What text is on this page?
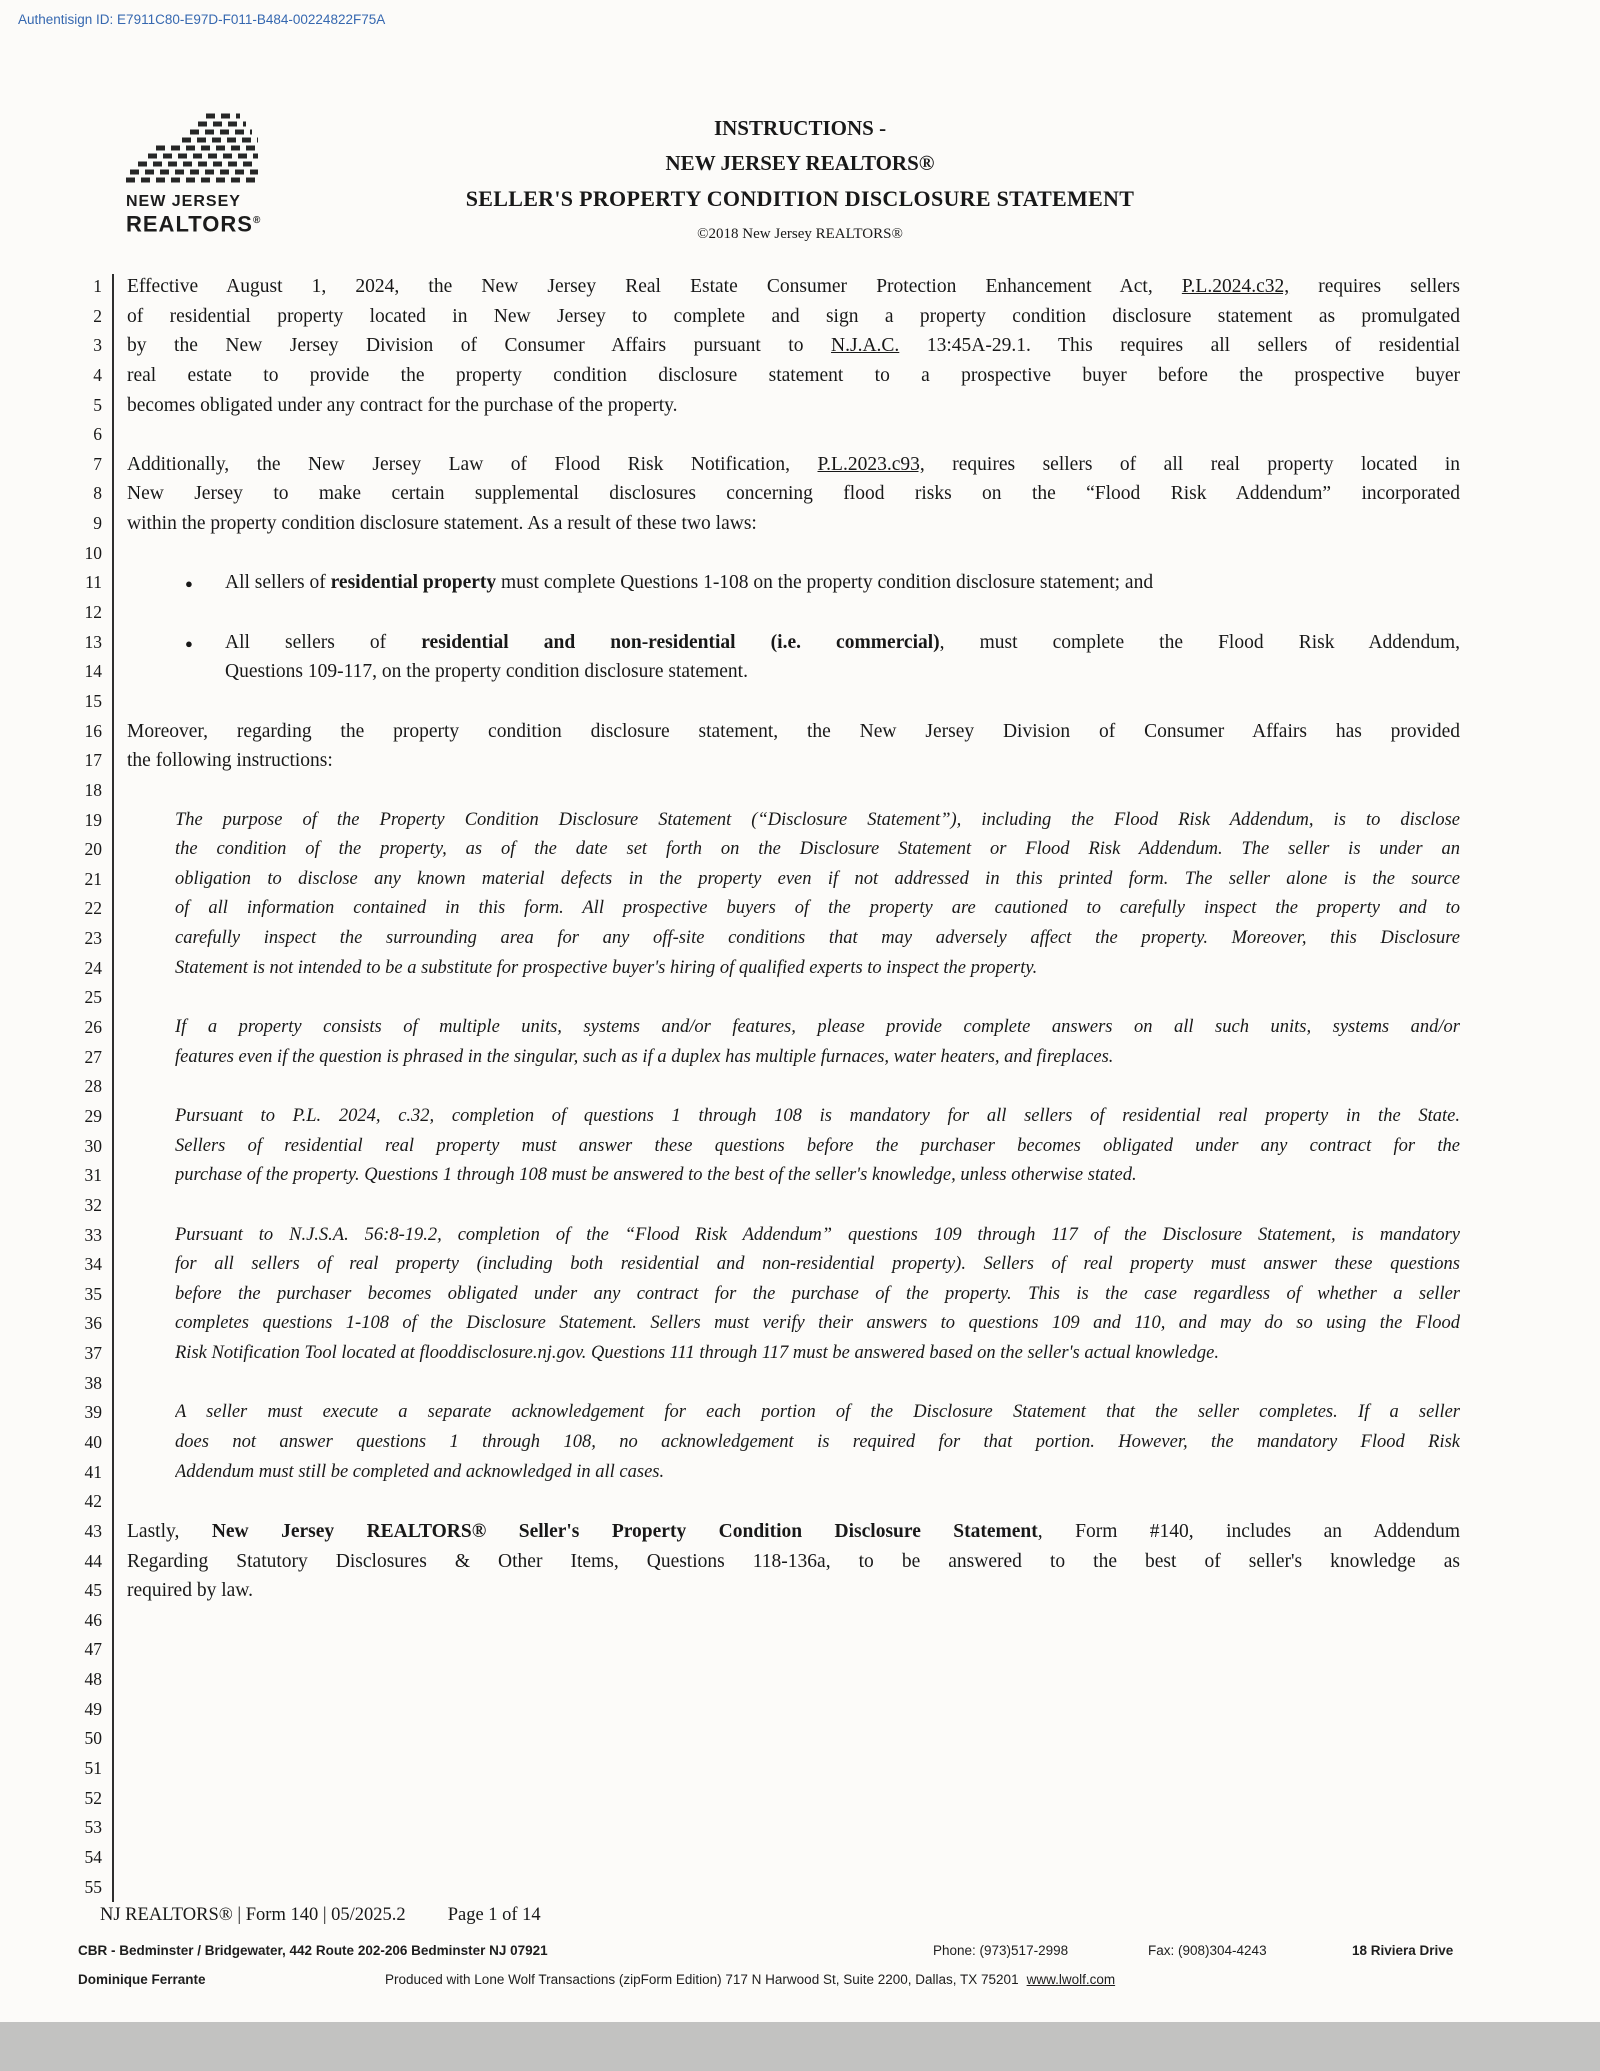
Authentisign ID: E7911C80-E97D-F011-B484-00224822F75A
NEW JERSEY
REALTORS®
INSTRUCTIONS -
NEW JERSEY REALTORS®
SELLER'S PROPERTY CONDITION DISCLOSURE STATEMENT
©2018 New Jersey REALTORS®
1
2
3
4
5
6
7
8
9
10
11
12
13
14
15
16
17
18
19
20
21
22
23
24
25
26
27
28
29
30
31
32
33
34
35
36
37
38
39
40
41
42
43
44
45
46
47
48
49
50
51
52
53
54
55
Effective August 1, 2024, the New Jersey Real Estate Consumer Protection Enhancement Act, P.L.2024.c32, requires sellers
of residential property located in New Jersey to complete and sign a property condition disclosure statement as promulgated
by the New Jersey Division of Consumer Affairs pursuant to N.J.A.C. 13:45A-29.1. This requires all sellers of residential
real estate to provide the property condition disclosure statement to a prospective buyer before the prospective buyer
becomes obligated under any contract for the purchase of the property.
Additionally, the New Jersey Law of Flood Risk Notification, P.L.2023.c93, requires sellers of all real property located in
New Jersey to make certain supplemental disclosures concerning flood risks on the “Flood Risk Addendum” incorporated
within the property condition disclosure statement. As a result of these two laws:
● All sellers of residential property must complete Questions 1-108 on the property condition disclosure statement; and
● All sellers of residential and non-residential (i.e. commercial), must complete the Flood Risk Addendum,
Questions 109-117, on the property condition disclosure statement.
Moreover, regarding the property condition disclosure statement, the New Jersey Division of Consumer Affairs has provided
the following instructions:
The purpose of the Property Condition Disclosure Statement (“Disclosure Statement”), including the Flood Risk Addendum, is to disclose
the condition of the property, as of the date set forth on the Disclosure Statement or Flood Risk Addendum. The seller is under an
obligation to disclose any known material defects in the property even if not addressed in this printed form. The seller alone is the source
of all information contained in this form. All prospective buyers of the property are cautioned to carefully inspect the property and to
carefully inspect the surrounding area for any off-site conditions that may adversely affect the property. Moreover, this Disclosure
Statement is not intended to be a substitute for prospective buyer's hiring of qualified experts to inspect the property.
If a property consists of multiple units, systems and/or features, please provide complete answers on all such units, systems and/or
features even if the question is phrased in the singular, such as if a duplex has multiple furnaces, water heaters, and fireplaces.
Pursuant to P.L. 2024, c.32, completion of questions 1 through 108 is mandatory for all sellers of residential real property in the State.
Sellers of residential real property must answer these questions before the purchaser becomes obligated under any contract for the
purchase of the property. Questions 1 through 108 must be answered to the best of the seller's knowledge, unless otherwise stated.
Pursuant to N.J.S.A. 56:8-19.2, completion of the “Flood Risk Addendum” questions 109 through 117 of the Disclosure Statement, is mandatory
for all sellers of real property (including both residential and non-residential property). Sellers of real property must answer these questions
before the purchaser becomes obligated under any contract for the purchase of the property. This is the case regardless of whether a seller
completes questions 1-108 of the Disclosure Statement. Sellers must verify their answers to questions 109 and 110, and may do so using the Flood
Risk Notification Tool located at flooddisclosure.nj.gov. Questions 111 through 117 must be answered based on the seller's actual knowledge.
A seller must execute a separate acknowledgement for each portion of the Disclosure Statement that the seller completes. If a seller
does not answer questions 1 through 108, no acknowledgement is required for that portion. However, the mandatory Flood Risk
Addendum must still be completed and acknowledged in all cases.
Lastly, New Jersey REALTORS® Seller's Property Condition Disclosure Statement, Form #140, includes an Addendum
Regarding Statutory Disclosures & Other Items, Questions 118-136a, to be answered to the best of seller's knowledge as
required by law.
NJ REALTORS® | Form 140 | 05/2025.2 Page 1 of 14
CBR - Bedminster / Bridgewater, 442 Route 202-206 Bedminster NJ 07921	Phone: (973)517-2998	Fax: (908)304-4243	18 Riviera Drive
Dominique Ferrante	Produced with Lone Wolf Transactions (zipForm Edition) 717 N Harwood St, Suite 2200, Dallas, TX 75201 www.lwolf.com
